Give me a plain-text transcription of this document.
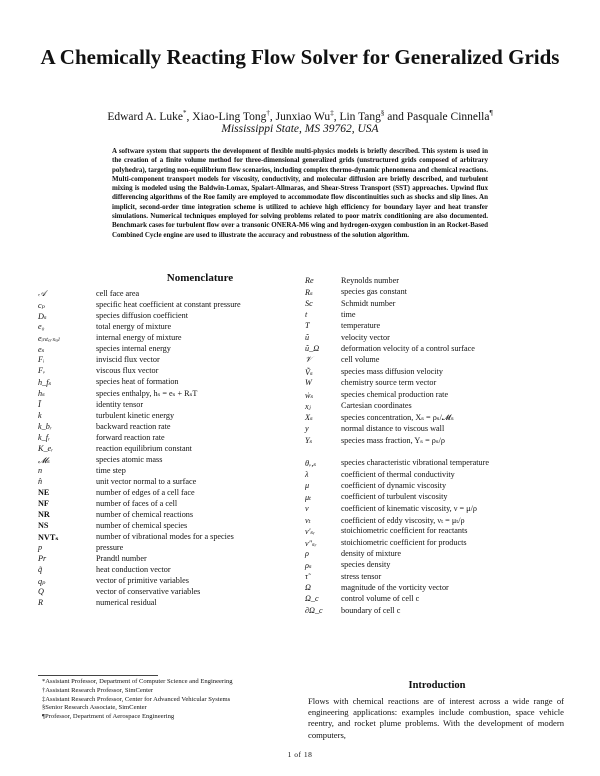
A Chemically Reacting Flow Solver for Generalized Grids
Edward A. Luke*, Xiao-Ling Tong†, Junxiao Wu‡, Lin Tang§ and Pasquale Cinnella¶
Mississippi State, MS 39762, USA
A software system that supports the development of flexible multi-physics models is briefly described. This system is used in the creation of a finite volume method for three-dimensional generalized grids (unstructured grids composed of arbitrary polyhedra), targeting non-equilibrium flow scenarios, including complex thermo-dynamic phenomena and chemical reactions. Multi-component transport models for viscosity, conductivity, and molecular diffusion are briefly described, and turbulent mixing is modeled using the Baldwin-Lomax, Spalart-Allmaras, and Shear-Stress Transport (SST) approaches. Upwind flux differencing algorithms of the Roe family are employed to accommodate flow discontinuities such as shocks and slip lines. An implicit, second-order time integration scheme is utilized to achieve high efficiency for boundary layer and heat transfer simulations. Numerical techniques employed for solving problems related to poor matrix conditioning are also documented. Benchmark cases for turbulent flow over a transonic ONERA-M6 wing and hydrogen-oxygen combustion in an Rocket-Based Combined Cycle engine are used to illustrate the accuracy and robustness of the solution algorithm.
Nomenclature
𝒜	cell face area
cₚ	specific heat coefficient at constant pressure
Dₛ	species diffusion coefficient
e₀	total energy of mixture
eᵢₙₜₑᵣₙₐₗ	internal energy of mixture
eₛ	species internal energy
Fᵢ	inviscid flux vector
Fᵥ	viscous flux vector
h_fₛ	species heat of formation
hₛ	species enthalpy, hₛ = eₛ + RₛT
Ĩ	identity tensor
k	turbulent kinetic energy
k_bᵣ	backward reaction rate
k_fᵣ	forward reaction rate
K_eᵣ	reaction equilibrium constant
𝓜ₛ	species atomic mass
n	time step
n̂	unit vector normal to a surface
NE	number of edges of a cell face
NF	number of faces of a cell
NR	number of chemical reactions
NS	number of chemical species
NVTₛ	number of vibrational modes for a species
p	pressure
Pr	Prandtl number
q̃	heat conduction vector
qₚ	vector of primitive variables
Q	vector of conservative variables
R	numerical residual
Re	Reynolds number
Rₛ	species gas constant
Sc	Schmidt number
t	time
T	temperature
ũ	velocity vector
ũ_Ω	deformation velocity of a control surface
𝒱	cell volume
Ṽₛ	species mass diffusion velocity
W	chemistry source term vector
ẇₛ	species chemical production rate
xⱼ	Cartesian coordinates
Xₛ	species concentration, Xₛ = ρₛ/𝓜ₛ
y	normal distance to viscous wall
Yₛ	species mass fraction, Yₛ = ρₛ/ρ
θᵥ,ₛ	species characteristic vibrational temperature
λ	coefficient of thermal conductivity
μ	coefficient of dynamic viscosity
μₜ	coefficient of turbulent viscosity
ν	coefficient of kinematic viscosity, ν = μ/ρ
νₜ	coefficient of eddy viscosity, νₜ = μₜ/ρ
ν′ₛᵣ	stoichiometric coefficient for reactants
ν″ₛᵣ	stoichiometric coefficient for products
ρ	density of mixture
ρₛ	species density
τ̃	stress tensor
Ω	magnitude of the vorticity vector
Ω_c	control volume of cell c
∂Ω_c boundary of cell c
*Assistant Professor, Department of Computer Science and Engineering
†Assistant Research Professor, SimCenter
‡Assistant Research Professor, Center for Advanced Vehicular Systems
§Senior Research Associate, SimCenter
¶Professor, Department of Aerospace Engineering
Introduction
Flows with chemical reactions are of interest across a wide range of engineering applications: examples include combustion, space vehicle reentry, and rocket plume problems. With the development of modern computers,
1 of 18
